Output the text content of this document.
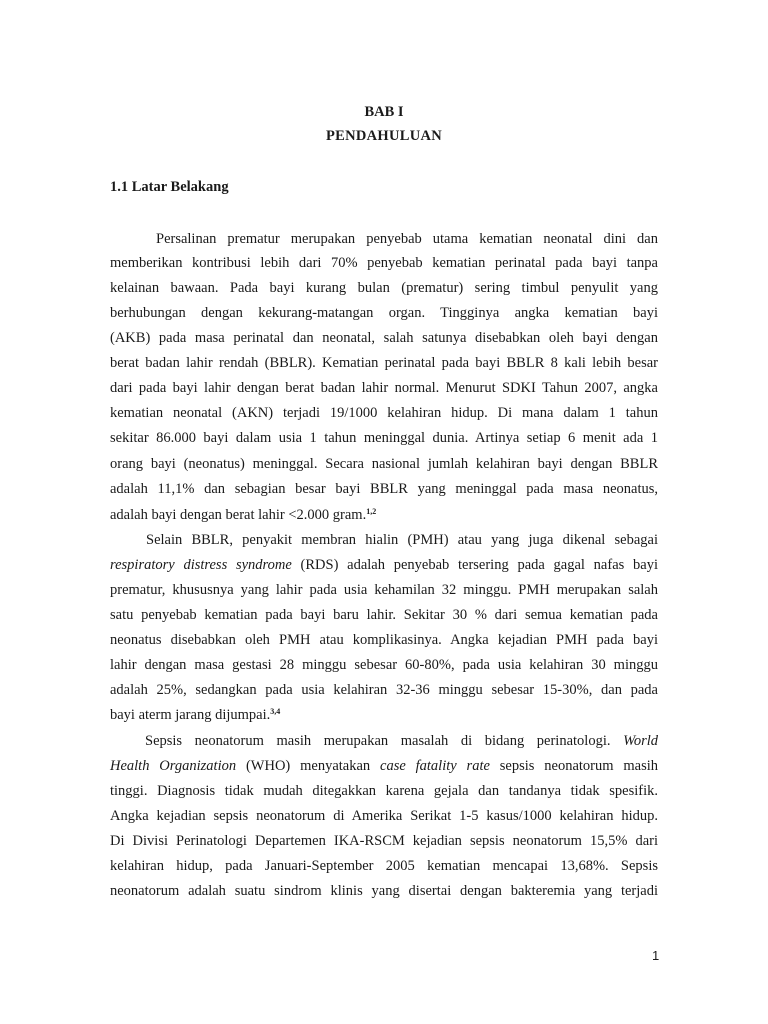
BAB I
PENDAHULUAN
1.1 Latar Belakang
Persalinan prematur merupakan penyebab utama kematian neonatal dini dan
memberikan kontribusi lebih dari 70% penyebab kematian perinatal pada bayi tanpa
kelainan bawaan. Pada bayi kurang bulan (prematur) sering timbul penyulit yang
berhubungan dengan kekurang-matangan organ. Tingginya angka kematian bayi
(AKB) pada masa perinatal dan neonatal, salah satunya disebabkan oleh bayi dengan
berat badan lahir rendah (BBLR). Kematian perinatal pada bayi BBLR 8 kali lebih besar
dari pada bayi lahir dengan berat badan lahir normal. Menurut SDKI Tahun 2007, angka
kematian neonatal (AKN) terjadi 19/1000 kelahiran hidup. Di mana dalam 1 tahun
sekitar 86.000 bayi dalam usia 1 tahun meninggal dunia. Artinya setiap 6 menit ada 1
orang bayi (neonatus) meninggal. Secara nasional jumlah kelahiran bayi dengan BBLR
adalah 11,1% dan sebagian besar bayi BBLR yang meninggal pada masa neonatus,
adalah bayi dengan berat lahir <2.000 gram.$^{1,2}$
Selain BBLR, penyakit membran hialin (PMH) atau yang juga dikenal sebagai
respiratory distress syndrome (RDS) adalah penyebab tersering pada gagal nafas bayi
prematur, khususnya yang lahir pada usia kehamilan 32 minggu. PMH merupakan salah
satu penyebab kematian pada bayi baru lahir. Sekitar 30 % dari semua kematian pada
neonatus disebabkan oleh PMH atau komplikasinya. Angka kejadian PMH pada bayi
lahir dengan masa gestasi 28 minggu sebesar 60-80%, pada usia kelahiran 30 minggu
adalah 25%, sedangkan pada usia kelahiran 32-36 minggu sebesar 15-30%, dan pada
bayi aterm jarang dijumpai.$^{3,4}$
Sepsis neonatorum masih merupakan masalah di bidang perinatologi. World
Health Organization (WHO) menyatakan case fatality rate sepsis neonatorum masih
tinggi. Diagnosis tidak mudah ditegakkan karena gejala dan tandanya tidak spesifik.
Angka kejadian sepsis neonatorum di Amerika Serikat 1-5 kasus/1000 kelahiran hidup.
Di Divisi Perinatologi Departemen IKA-RSCM kejadian sepsis neonatorum 15,5% dari
kelahiran hidup, pada Januari-September 2005 kematian mencapai 13,68%. Sepsis
neonatorum adalah suatu sindrom klinis yang disertai dengan bakteremia yang terjadi
1
